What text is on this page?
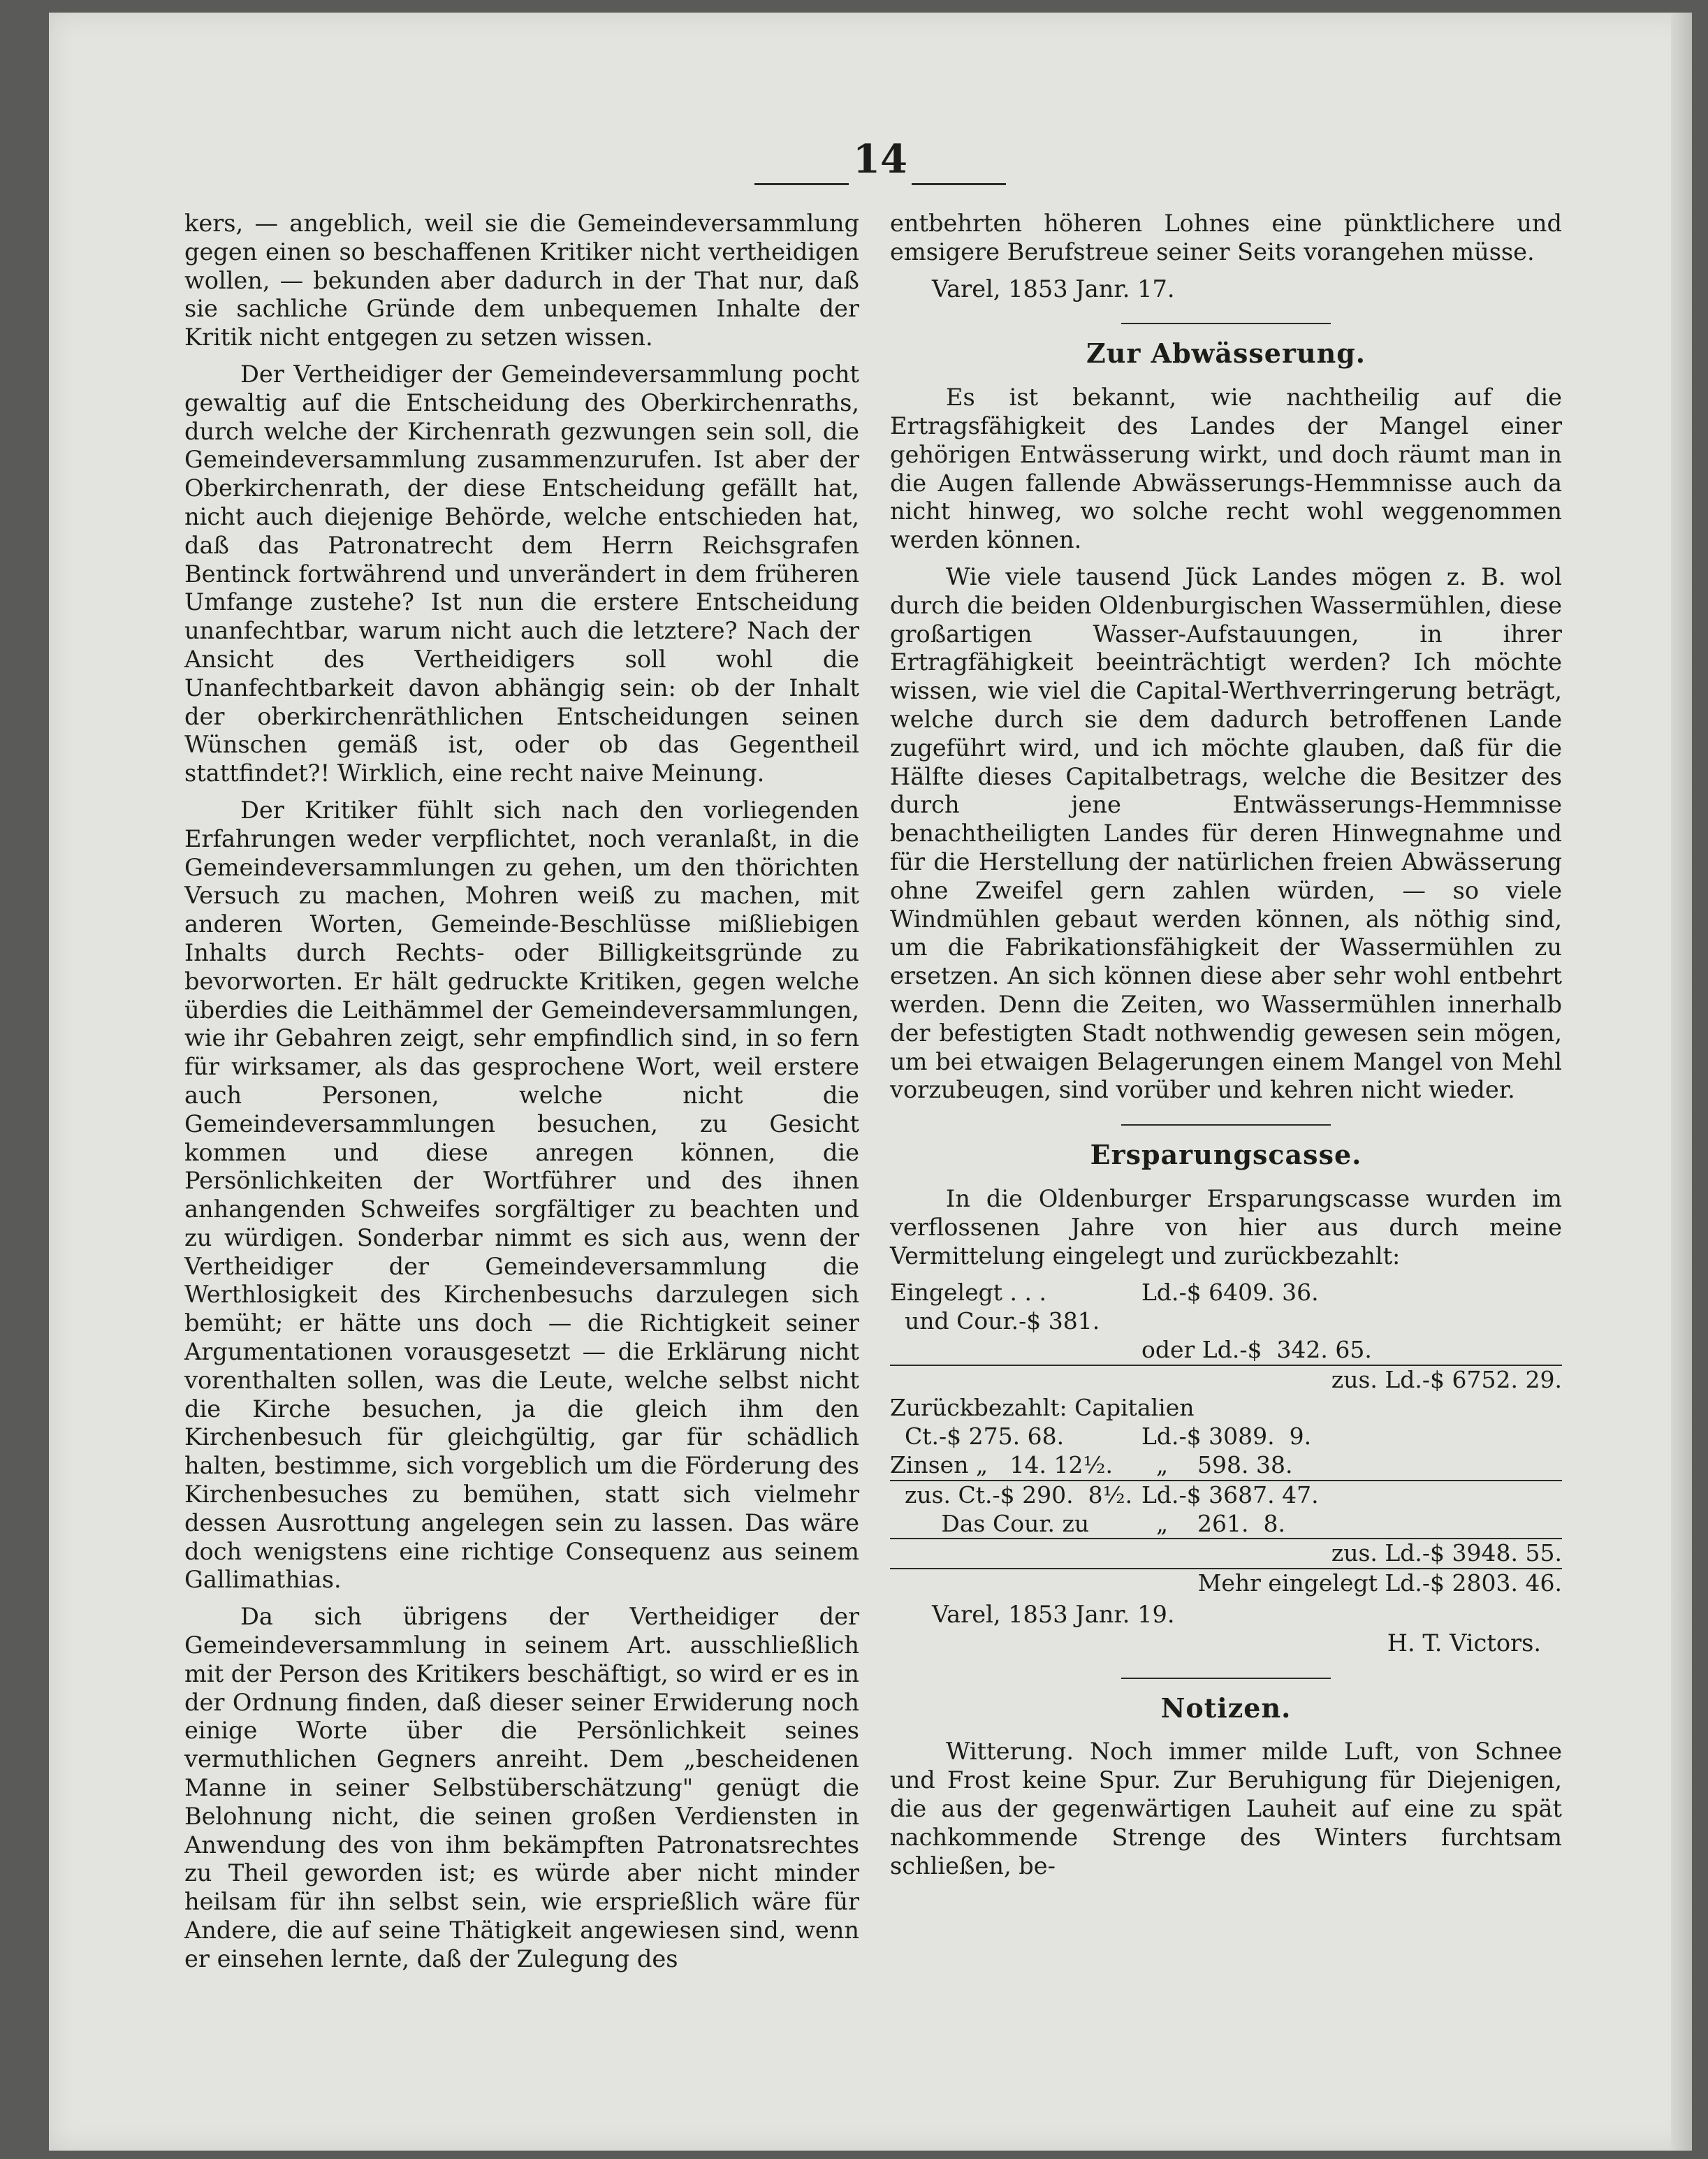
14

kers, — angeblich, weil sie die Gemeindeversammlung gegen einen so beschaffenen Kritiker nicht vertheidigen wollen, — bekunden aber dadurch in der That nur, daß sie sachliche Gründe dem unbequemen Inhalte der Kritik nicht entgegen zu setzen wissen.

Der Vertheidiger der Gemeindeversammlung pocht gewaltig auf die Entscheidung des Oberkirchenraths, durch welche der Kirchenrath gezwungen sein soll, die Gemeindeversammlung zusammenzurufen. Ist aber der Oberkirchenrath, der diese Entscheidung gefällt hat, nicht auch diejenige Behörde, welche entschieden hat, daß das Patronatrecht dem Herrn Reichsgrafen Bentinck fortwährend und unverändert in dem früheren Umfange zustehe? Ist nun die erstere Entscheidung unanfechtbar, warum nicht auch die letztere? Nach der Ansicht des Vertheidigers soll wohl die Unanfechtbarkeit davon abhängig sein: ob der Inhalt der oberkirchenräthlichen Entscheidungen seinen Wünschen gemäß ist, oder ob das Gegentheil stattfindet?! Wirklich, eine recht naive Meinung.

Der Kritiker fühlt sich nach den vorliegenden Erfahrungen weder verpflichtet, noch veranlaßt, in die Gemeindeversammlungen zu gehen, um den thörichten Versuch zu machen, Mohren weiß zu machen, mit anderen Worten, Gemeinde-Beschlüsse mißliebigen Inhalts durch Rechts- oder Billigkeitsgründe zu bevorworten. Er hält gedruckte Kritiken, gegen welche überdies die Leithämmel der Gemeindeversammlungen, wie ihr Gebahren zeigt, sehr empfindlich sind, in so fern für wirksamer, als das gesprochene Wort, weil erstere auch Personen, welche nicht die Gemeindeversammlungen besuchen, zu Gesicht kommen und diese anregen können, die Persönlichkeiten der Wortführer und des ihnen anhangenden Schweifes sorgfältiger zu beachten und zu würdigen. Sonderbar nimmt es sich aus, wenn der Vertheidiger der Gemeindeversammlung die Werthlosigkeit des Kirchenbesuchs darzulegen sich bemüht; er hätte uns doch — die Richtigkeit seiner Argumentationen vorausgesetzt — die Erklärung nicht vorenthalten sollen, was die Leute, welche selbst nicht die Kirche besuchen, ja die gleich ihm den Kirchenbesuch für gleichgültig, gar für schädlich halten, bestimme, sich vorgeblich um die Förderung des Kirchenbesuches zu bemühen, statt sich vielmehr dessen Ausrottung angelegen sein zu lassen. Das wäre doch wenigstens eine richtige Consequenz aus seinem Gallimathias.

Da sich übrigens der Vertheidiger der Gemeindeversammlung in seinem Art. ausschließlich mit der Person des Kritikers beschäftigt, so wird er es in der Ordnung finden, daß dieser seiner Erwiderung noch einige Worte über die Persönlichkeit seines vermuthlichen Gegners anreiht. Dem „bescheidenen Manne in seiner Selbstüberschätzung" genügt die Belohnung nicht, die seinen großen Verdiensten in Anwendung des von ihm bekämpften Patronatsrechtes zu Theil geworden ist; es würde aber nicht minder heilsam für ihn selbst sein, wie ersprießlich wäre für Andere, die auf seine Thätigkeit angewiesen sind, wenn er einsehen lernte, daß der Zulegung des

entbehrten höheren Lohnes eine pünktlichere und emsigere Berufstreue seiner Seits vorangehen müsse.

Varel, 1853 Janr. 17.

Zur Abwässerung.

Es ist bekannt, wie nachtheilig auf die Ertragsfähigkeit des Landes der Mangel einer gehörigen Entwässerung wirkt, und doch räumt man in die Augen fallende Abwässerungs-Hemmnisse auch da nicht hinweg, wo solche recht wohl weggenommen werden können.

Wie viele tausend Jück Landes mögen z. B. wol durch die beiden Oldenburgischen Wassermühlen, diese großartigen Wasser-Aufstauungen, in ihrer Ertragfähigkeit beeinträchtigt werden? Ich möchte wissen, wie viel die Capital-Werthverringerung beträgt, welche durch sie dem dadurch betroffenen Lande zugeführt wird, und ich möchte glauben, daß für die Hälfte dieses Capitalbetrags, welche die Besitzer des durch jene Entwässerungs-Hemmnisse benachtheiligten Landes für deren Hinwegnahme und für die Herstellung der natürlichen freien Abwässerung ohne Zweifel gern zahlen würden, — so viele Windmühlen gebaut werden können, als nöthig sind, um die Fabrikationsfähigkeit der Wassermühlen zu ersetzen. An sich können diese aber sehr wohl entbehrt werden. Denn die Zeiten, wo Wassermühlen innerhalb der befestigten Stadt nothwendig gewesen sein mögen, um bei etwaigen Belagerungen einem Mangel von Mehl vorzubeugen, sind vorüber und kehren nicht wieder.

Ersparungscasse.

In die Oldenburger Ersparungscasse wurden im verflossenen Jahre von hier aus durch meine Vermittelung eingelegt und zurückbezahlt:

Eingelegt . . .	Ld.-$ 6409. 36.
und Cour.-$ 381.
oder Ld.-$  342. 65.
zus. Ld.-$ 6752. 29.
Zurückbezahlt: Capitalien
Ct.-$ 275. 68.	Ld.-$ 3089.  9.
Zinsen „   14. 12½.	„    598. 38.
zus. Ct.-$ 290.  8½. Ld.-$ 3687. 47.
Das Cour. zu	„    261.  8.
zus. Ld.-$ 3948. 55.
Mehr eingelegt Ld.-$ 2803. 46.
Varel, 1853 Janr. 19.
H. T. Victors.
Notizen.

Witterung. Noch immer milde Luft, von Schnee und Frost keine Spur. Zur Beruhigung für Diejenigen, die aus der gegenwärtigen Lauheit auf eine zu spät nachkommende Strenge des Winters furchtsam schließen, be-
